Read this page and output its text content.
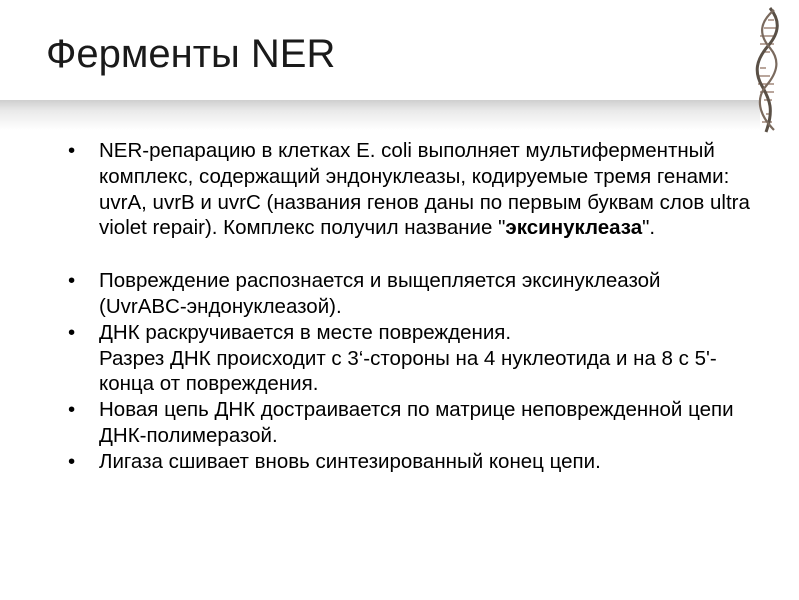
Ферменты NER
• NER-репарацию в клетках E. coli выполняет мультиферментный комплекс, содержащий эндонуклеазы, кодируемые тремя генами: uvrA, uvrB и uvrC (названия генов даны по первым буквам слов ultra violet repair). Комплекс получил название "эксинуклеаза".
• Повреждение распознается и выщепляется эксинуклеазой (UvrABC-эндонуклеазой).
• ДНК раскручивается в месте повреждения.
Разрез ДНК происходит с 3‘-стороны на 4 нуклеотида и на 8 с 5'-конца от повреждения.
• Новая цепь ДНК достраивается по матрице неповрежденной цепи ДНК-полимеразой.
• Лигаза сшивает вновь синтезированный конец цепи.
